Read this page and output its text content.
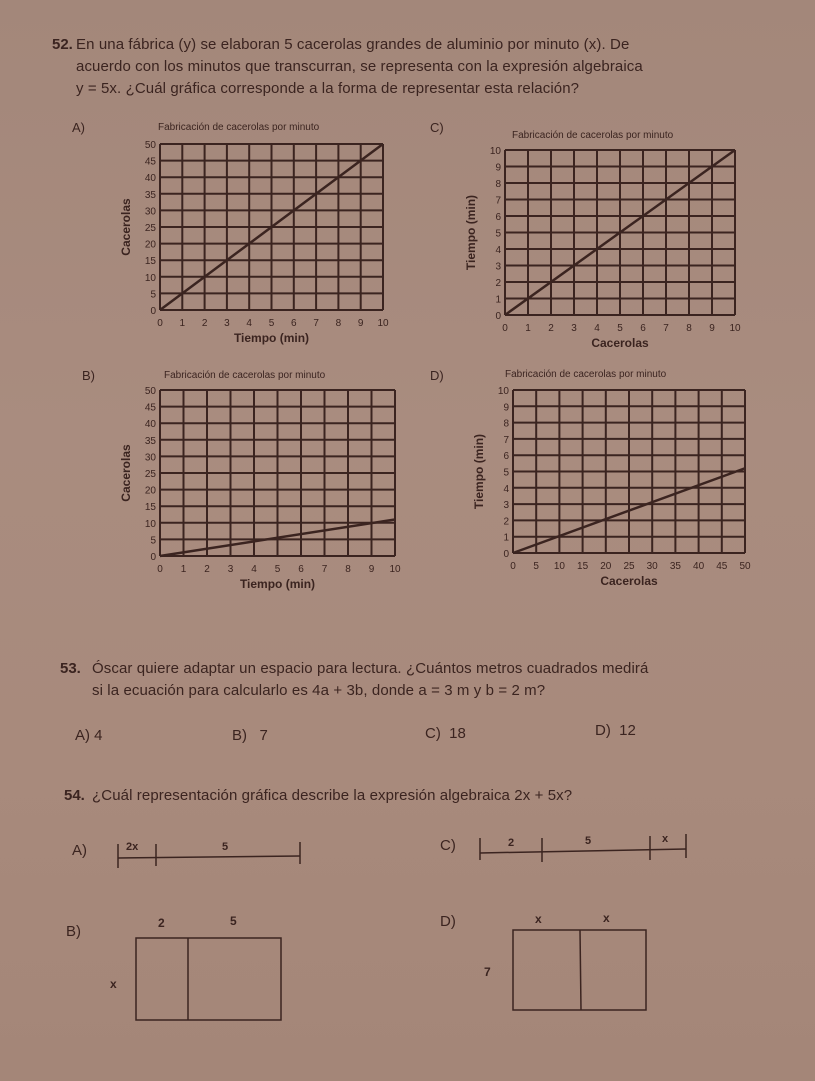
52. En una fábrica (y) se elaboran 5 cacerolas grandes de aluminio por minuto (x). De
acuerdo con los minutos que transcurran, se representa con la expresión algebraica
y = 5x. ¿Cuál gráfica corresponde a la forma de representar esta relación?
A)	Fabricación de cacerolas por minuto
0 1 2 3 4 5 6 7 8 9 10
0
5
10
15
20
25
30
35
40
45
50
Tiempo (min)
Cacerolas
C)
Fabricación de cacerolas por minuto
0 1 2 3 4 5 6 7 8 9 10
0
1
2
3
4
5
6
7
8
9
10
Cacerolas
Tiempo (min)
B)	Fabricación de cacerolas por minuto
0 1 2 3 4 5 6 7 8 9 10
0
5
10
15
20
25
30
35
40
45
50
Tiempo (min)
Cacerolas
D)	Fabricación de cacerolas por minuto
0 5 10 15 20 25 30 35 40 45 50
0
1
2
3
4
5
6
7
8
9
10
Cacerolas
Tiempo (min)
53. Óscar quiere adaptar un espacio para lectura. ¿Cuántos metros cuadrados medirá
si la ecuación para calcularlo es 4a + 3b, donde a = 3 m y b = 2 m?
A) 4	B) 7	C) 18	D) 12
54. ¿Cuál representación gráfica describe la expresión algebraica 2x + 5x?
A)	2x	5	C)	2	5	x
B)	2	5
x
D)	x	x
7
